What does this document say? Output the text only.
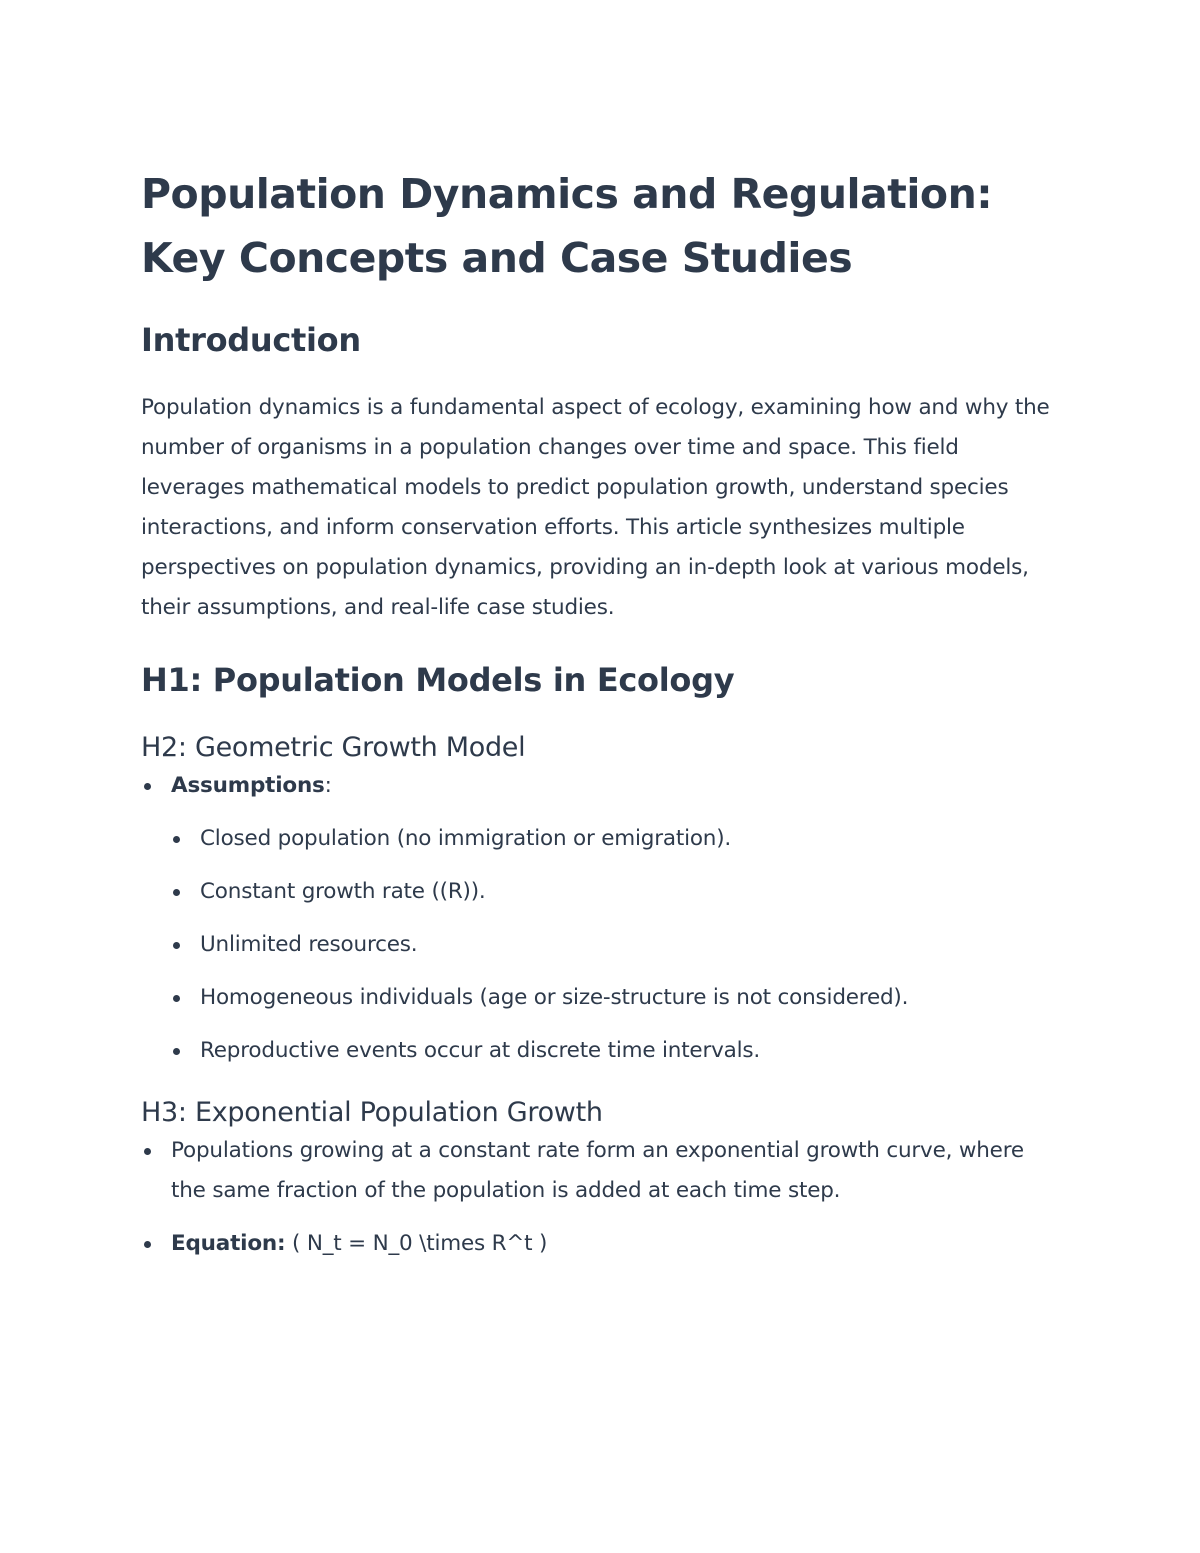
Population Dynamics and Regulation:
Key Concepts and Case Studies
Introduction

Population dynamics is a fundamental aspect of ecology, examining how and why the number of organisms in a population changes over time and space. This field leverages mathematical models to predict population growth, understand species interactions, and inform conservation efforts. This article synthesizes multiple perspectives on population dynamics, providing an in-depth look at various models, their assumptions, and real-life case studies.

H1: Population Models in Ecology
H2: Geometric Growth Model
Assumptions:
Closed population (no immigration or emigration).
Constant growth rate ((R)).
Unlimited resources.
Homogeneous individuals (age or size-structure is not considered).
Reproductive events occur at discrete time intervals.
H3: Exponential Population Growth
Populations growing at a constant rate form an exponential growth curve, where the same fraction of the population is added at each time step.
Equation: ( N_t = N_0 \times R^t )
